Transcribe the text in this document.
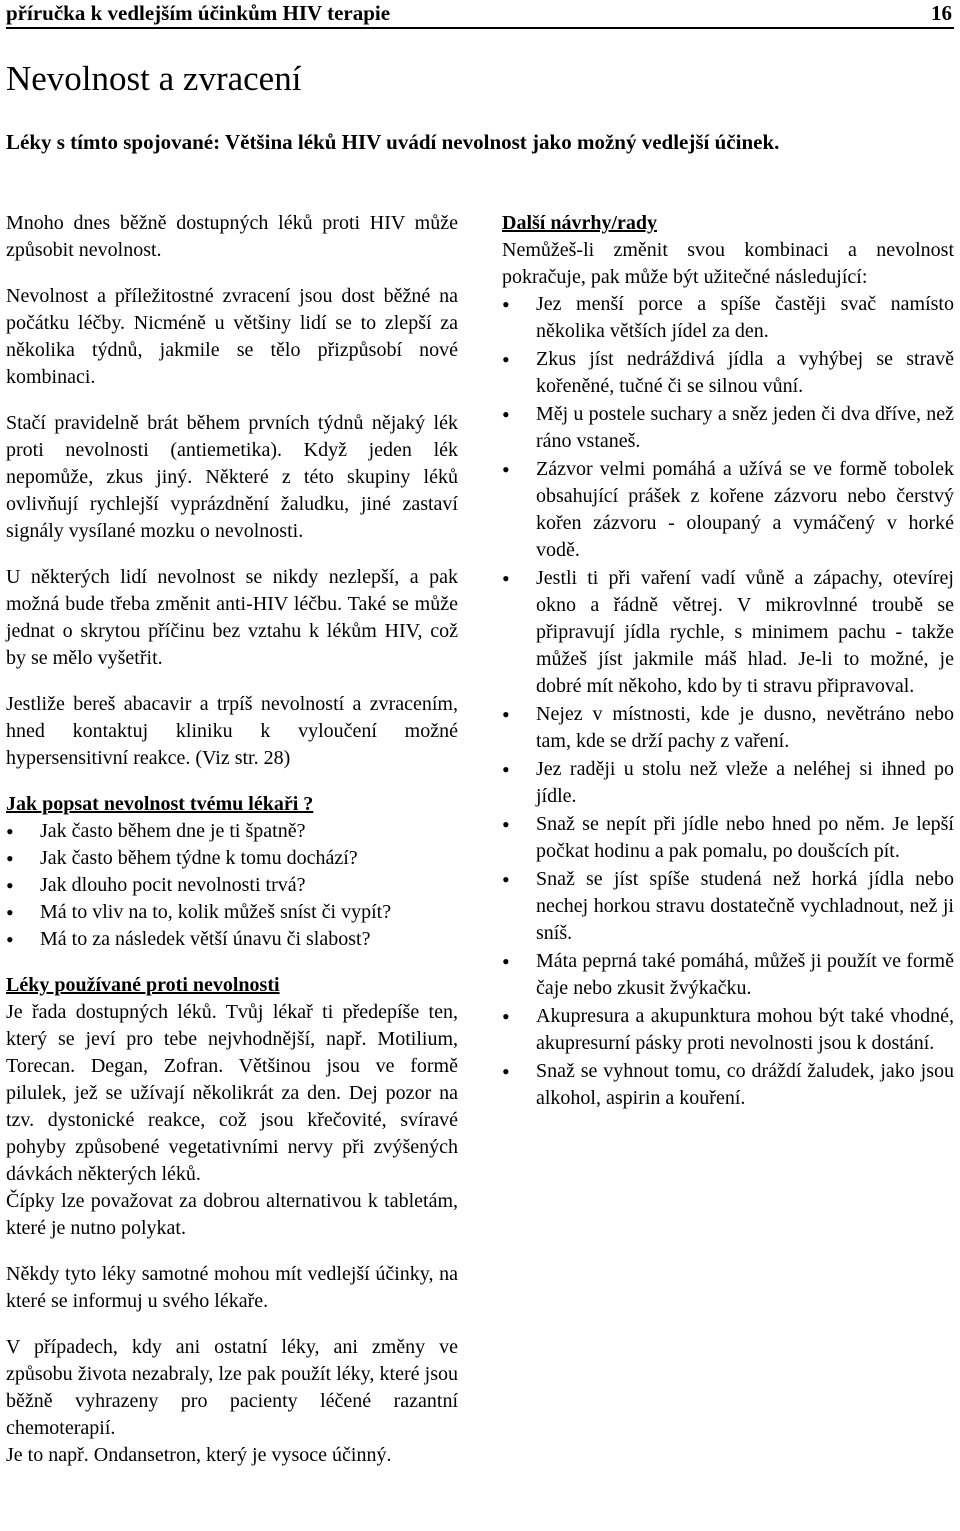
příručka k vedlejším účinkům HIV terapie	16
Nevolnost a zvracení

Léky s tímto spojované: Většina léků HIV uvádí nevolnost jako možný vedlejší účinek.

Mnoho dnes běžně dostupných léků proti HIV může způsobit nevolnost.

Nevolnost a příležitostné zvracení jsou dost běžné na počátku léčby. Nicméně u většiny lidí se to zlepší za několika týdnů, jakmile se tělo přizpůsobí nové kombinaci.

Stačí pravidelně brát během prvních týdnů nějaký lék proti nevolnosti (antiemetika). Když jeden lék nepomůže, zkus jiný. Některé z této skupiny léků ovlivňují rychlejší vyprázdnění žaludku, jiné zastaví signály vysílané mozku o nevolnosti.

U některých lidí nevolnost se nikdy nezlepší, a pak možná bude třeba změnit anti-HIV léčbu. Také se může jednat o skrytou příčinu bez vztahu k lékům HIV, což by se mělo vyšetřit.

Jestliže bereš abacavir a trpíš nevolností a zvracením, hned kontaktuj kliniku k vyloučení možné hypersensitivní reakce. (Viz str. 28)

Jak popsat nevolnost tvému lékaři ?

• Jak často během dne je ti špatně?
• Jak často během týdne k tomu dochází?
• Jak dlouho pocit nevolnosti trvá?
• Má to vliv na to, kolik můžeš sníst či vypít?
• Má to za následek větší únavu či slabost?

Léky používané proti nevolnosti

Je řada dostupných léků. Tvůj lékař ti předepíše ten, který se jeví pro tebe nejvhodnější, např. Motilium, Torecan. Degan, Zofran. Většinou jsou ve formě pilulek, jež se užívají několikrát za den. Dej pozor na tzv. dystonické reakce, což jsou křečovité, svíravé pohyby způsobené vegetativními nervy při zvýšených dávkách některých léků.

Čípky lze považovat za dobrou alternativou k tabletám, které je nutno polykat.

Někdy tyto léky samotné mohou mít vedlejší účinky, na které se informuj u svého lékaře.

V případech, kdy ani ostatní léky, ani změny ve způsobu života nezabraly, lze pak použít léky, které jsou běžně vyhrazeny pro pacienty léčené razantní chemoterapií.

Je to např. Ondansetron, který je vysoce účinný.

Další návrhy/rady

Nemůžeš-li změnit svou kombinaci a nevolnost pokračuje, pak může být užitečné následující:

• Jez menší porce a spíše častěji svač namísto několika větších jídel za den.
• Zkus jíst nedráždivá jídla a vyhýbej se stravě kořeněné, tučné či se silnou vůní.
• Měj u postele suchary a sněz jeden či dva dříve, než ráno vstaneš.
• Zázvor velmi pomáhá a užívá se ve formě tobolek obsahující prášek z kořene zázvoru nebo čerstvý kořen zázvoru - oloupaný a vymáčený v horké vodě.
• Jestli ti při vaření vadí vůně a zápachy, otevírej okno a řádně větrej. V mikrovlnné troubě se připravují jídla rychle, s minimem pachu - takže můžeš jíst jakmile máš hlad. Je-li to možné, je dobré mít někoho, kdo by ti stravu připravoval.
• Nejez v místnosti, kde je dusno, nevětráno nebo tam, kde se drží pachy z vaření.
• Jez raději u stolu než vleže a neléhej si ihned po jídle.
• Snaž se nepít při jídle nebo hned po něm. Je lepší počkat hodinu a pak pomalu, po doušcích pít.
• Snaž se jíst spíše studená než horká jídla nebo nechej horkou stravu dostatečně vychladnout, než ji sníš.
• Máta peprná také pomáhá, můžeš ji použít ve formě čaje nebo zkusit žvýkačku.
• Akupresura a akupunktura mohou být také vhodné, akupresurní pásky proti nevolnosti jsou k dostání.
• Snaž se vyhnout tomu, co dráždí žaludek, jako jsou alkohol, aspirin a kouření.
